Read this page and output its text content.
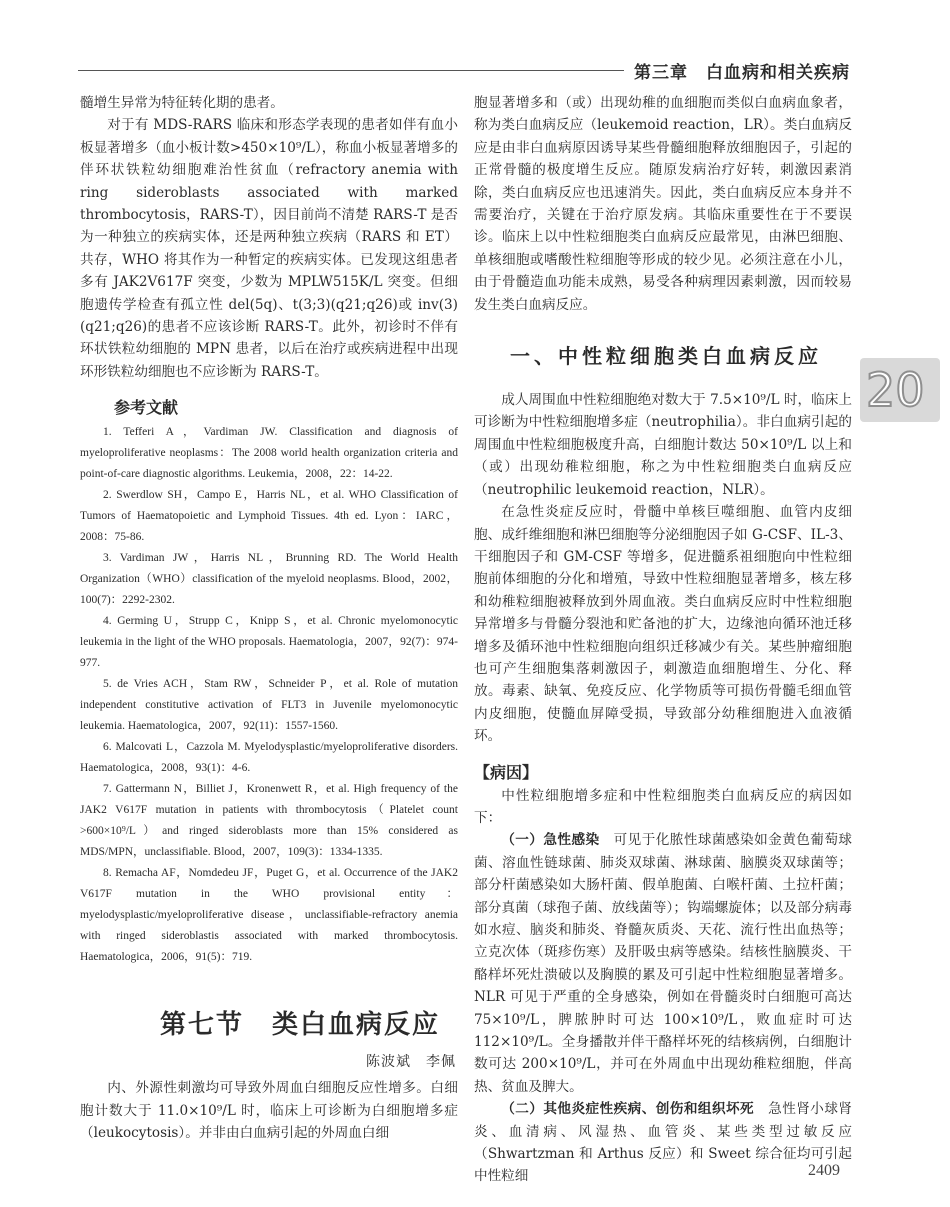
第三章　白血病和相关疾病
20

髓增生异常为特征转化期的患者。

对于有 MDS-RARS 临床和形态学表现的患者如伴有血小板显著增多（血小板计数>450×10⁹/L），称血小板显著增多的伴环状铁粒幼细胞难治性贫血（refractory anemia with ring sideroblasts associated with marked thrombocytosis，RARS-T），因目前尚不清楚 RARS-T 是否为一种独立的疾病实体，还是两种独立疾病（RARS 和 ET）共存，WHO 将其作为一种暂定的疾病实体。已发现这组患者多有 JAK2V617F 突变，少数为 MPLW515K/L 突变。但细胞遗传学检查有孤立性 del(5q)、t(3;3)(q21;q26)或 inv(3)(q21;q26)的患者不应该诊断 RARS-T。此外，初诊时不伴有环状铁粒幼细胞的 MPN 患者，以后在治疗或疾病进程中出现环形铁粒幼细胞也不应诊断为 RARS-T。

参考文献

1. Tefferi A，Vardiman JW. Classification and diagnosis of myeloproliferative neoplasms：The 2008 world health organization criteria and point-of-care diagnostic algorithms. Leukemia，2008，22：14-22.

2. Swerdlow SH，Campo E，Harris NL，et al. WHO Classification of Tumors of Haematopoietic and Lymphoid Tissues. 4th ed. Lyon：IARC，2008：75-86.

3. Vardiman JW，Harris NL，Brunning RD. The World Health Organization（WHO）classification of the myeloid neoplasms. Blood，2002，100(7)：2292-2302.

4. Germing U，Strupp C，Knipp S，et al. Chronic myelomonocytic leukemia in the light of the WHO proposals. Haematologia，2007，92(7)：974-977.

5. de Vries ACH，Stam RW，Schneider P，et al. Role of mutation independent constitutive activation of FLT3 in Juvenile myelomonocytic leukemia. Haematologica，2007，92(11)：1557-1560.

6. Malcovati L，Cazzola M. Myelodysplastic/myeloproliferative disorders. Haematologica，2008，93(1)：4-6.

7. Gattermann N，Billiet J，Kronenwett R，et al. High frequency of the JAK2 V617F mutation in patients with thrombocytosis（Platelet count >600×10⁹/L）and ringed sideroblasts more than 15% considered as MDS/MPN，unclassifiable. Blood，2007，109(3)：1334-1335.

8. Remacha AF，Nomdedeu JF，Puget G，et al. Occurrence of the JAK2 V617F mutation in the WHO provisional entity：myelodysplastic/myeloproliferative disease，unclassifiable-refractory anemia with ringed sideroblastis associated with marked thrombocytosis. Haematologica，2006，91(5)：719.

第七节　类白血病反应
陈波斌　李佩

内、外源性刺激均可导致外周血白细胞反应性增多。白细胞计数大于 11.0×10⁹/L 时，临床上可诊断为白细胞增多症（leukocytosis）。并非由白血病引起的外周血白细

胞显著增多和（或）出现幼稚的血细胞而类似白血病血象者，称为类白血病反应（leukemoid reaction，LR）。类白血病反应是由非白血病原因诱导某些骨髓细胞释放细胞因子，引起的正常骨髓的极度增生反应。随原发病治疗好转，刺激因素消除，类白血病反应也迅速消失。因此，类白血病反应本身并不需要治疗，关键在于治疗原发病。其临床重要性在于不要误诊。临床上以中性粒细胞类白血病反应最常见，由淋巴细胞、单核细胞或嗜酸性粒细胞等形成的较少见。必须注意在小儿，由于骨髓造血功能未成熟，易受各种病理因素刺激，因而较易发生类白血病反应。

一、中性粒细胞类白血病反应

成人周围血中性粒细胞绝对数大于 7.5×10⁹/L 时，临床上可诊断为中性粒细胞增多症（neutrophilia）。非白血病引起的周围血中性粒细胞极度升高，白细胞计数达 50×10⁹/L 以上和（或）出现幼稚粒细胞，称之为中性粒细胞类白血病反应（neutrophilic leukemoid reaction，NLR）。

在急性炎症反应时，骨髓中单核巨噬细胞、血管内皮细胞、成纤维细胞和淋巴细胞等分泌细胞因子如 G-CSF、IL-3、干细胞因子和 GM-CSF 等增多，促进髓系祖细胞向中性粒细胞前体细胞的分化和增殖，导致中性粒细胞显著增多，核左移和幼稚粒细胞被释放到外周血液。类白血病反应时中性粒细胞异常增多与骨髓分裂池和贮备池的扩大，边缘池向循环池迁移增多及循环池中性粒细胞向组织迁移减少有关。某些肿瘤细胞也可产生细胞集落刺激因子，刺激造血细胞增生、分化、释放。毒素、缺氧、免疫反应、化学物质等可损伤骨髓毛细血管内皮细胞，使髓血屏障受损，导致部分幼稚细胞进入血液循环。

【病因】

中性粒细胞增多症和中性粒细胞类白血病反应的病因如下：

（一）急性感染　可见于化脓性球菌感染如金黄色葡萄球菌、溶血性链球菌、肺炎双球菌、淋球菌、脑膜炎双球菌等；部分杆菌感染如大肠杆菌、假单胞菌、白喉杆菌、土拉杆菌；部分真菌（球孢子菌、放线菌等）；钩端螺旋体；以及部分病毒如水痘、脑炎和肺炎、脊髓灰质炎、天花、流行性出血热等；立克次体（斑疹伤寒）及肝吸虫病等感染。结核性脑膜炎、干酪样坏死灶溃破以及胸膜的累及可引起中性粒细胞显著增多。NLR 可见于严重的全身感染，例如在骨髓炎时白细胞可高达 75×10⁹/L，脾脓肿时可达 100×10⁹/L，败血症时可达 112×10⁹/L。全身播散并伴干酪样坏死的结核病例，白细胞计数可达 200×10⁹/L，并可在外周血中出现幼稚粒细胞，伴高热、贫血及脾大。

（二）其他炎症性疾病、创伤和组织坏死　急性肾小球肾炎、血清病、风湿热、血管炎、某些类型过敏反应（Shwartzman 和 Arthus 反应）和 Sweet 综合征均可引起中性粒细	2409
